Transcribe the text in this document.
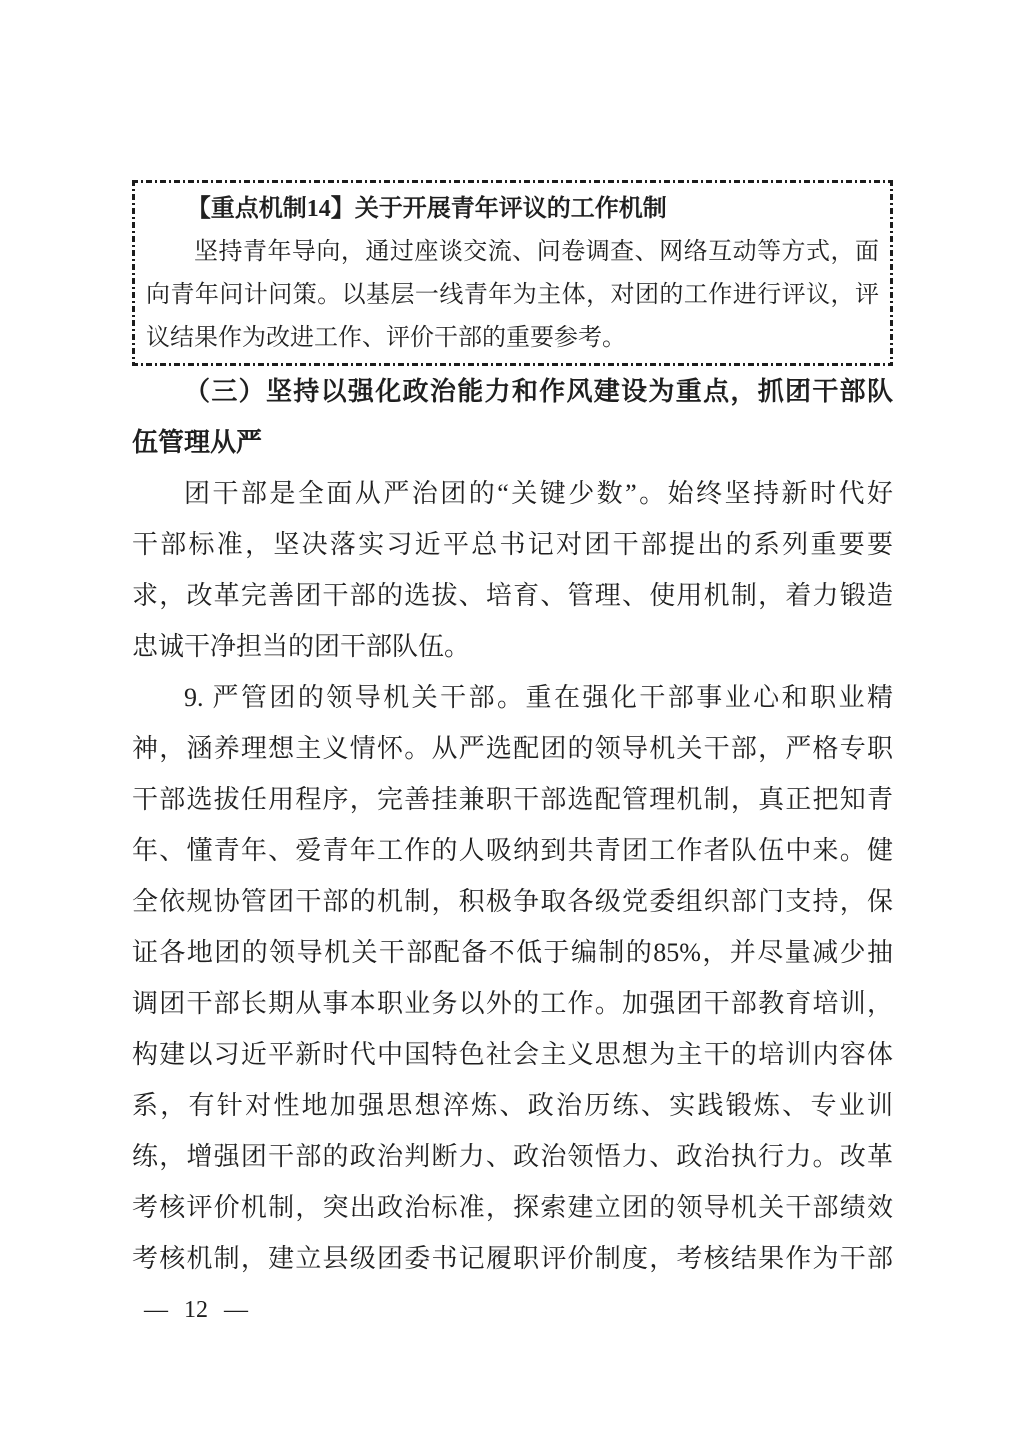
【重点机制14】关于开展青年评议的工作机制
坚持青年导向，通过座谈交流、问卷调查、网络互动等方式，面
向青年问计问策。以基层一线青年为主体，对团的工作进行评议，评
议结果作为改进工作、评价干部的重要参考。
（三）坚持以强化政治能力和作风建设为重点，抓团干部队
伍管理从严
团干部是全面从严治团的“关键少数”。始终坚持新时代好
干部标准，坚决落实习近平总书记对团干部提出的系列重要要
求，改革完善团干部的选拔、培育、管理、使用机制，着力锻造
忠诚干净担当的团干部队伍。
9. 严管团的领导机关干部。重在强化干部事业心和职业精
神，涵养理想主义情怀。从严选配团的领导机关干部，严格专职
干部选拔任用程序，完善挂兼职干部选配管理机制，真正把知青
年、懂青年、爱青年工作的人吸纳到共青团工作者队伍中来。健
全依规协管团干部的机制，积极争取各级党委组织部门支持，保
证各地团的领导机关干部配备不低于编制的85%，并尽量减少抽
调团干部长期从事本职业务以外的工作。加强团干部教育培训，
构建以习近平新时代中国特色社会主义思想为主干的培训内容体
系，有针对性地加强思想淬炼、政治历练、实践锻炼、专业训
练，增强团干部的政治判断力、政治领悟力、政治执行力。改革
考核评价机制，突出政治标准，探索建立团的领导机关干部绩效
考核机制，建立县级团委书记履职评价制度，考核结果作为干部
— 12 —
